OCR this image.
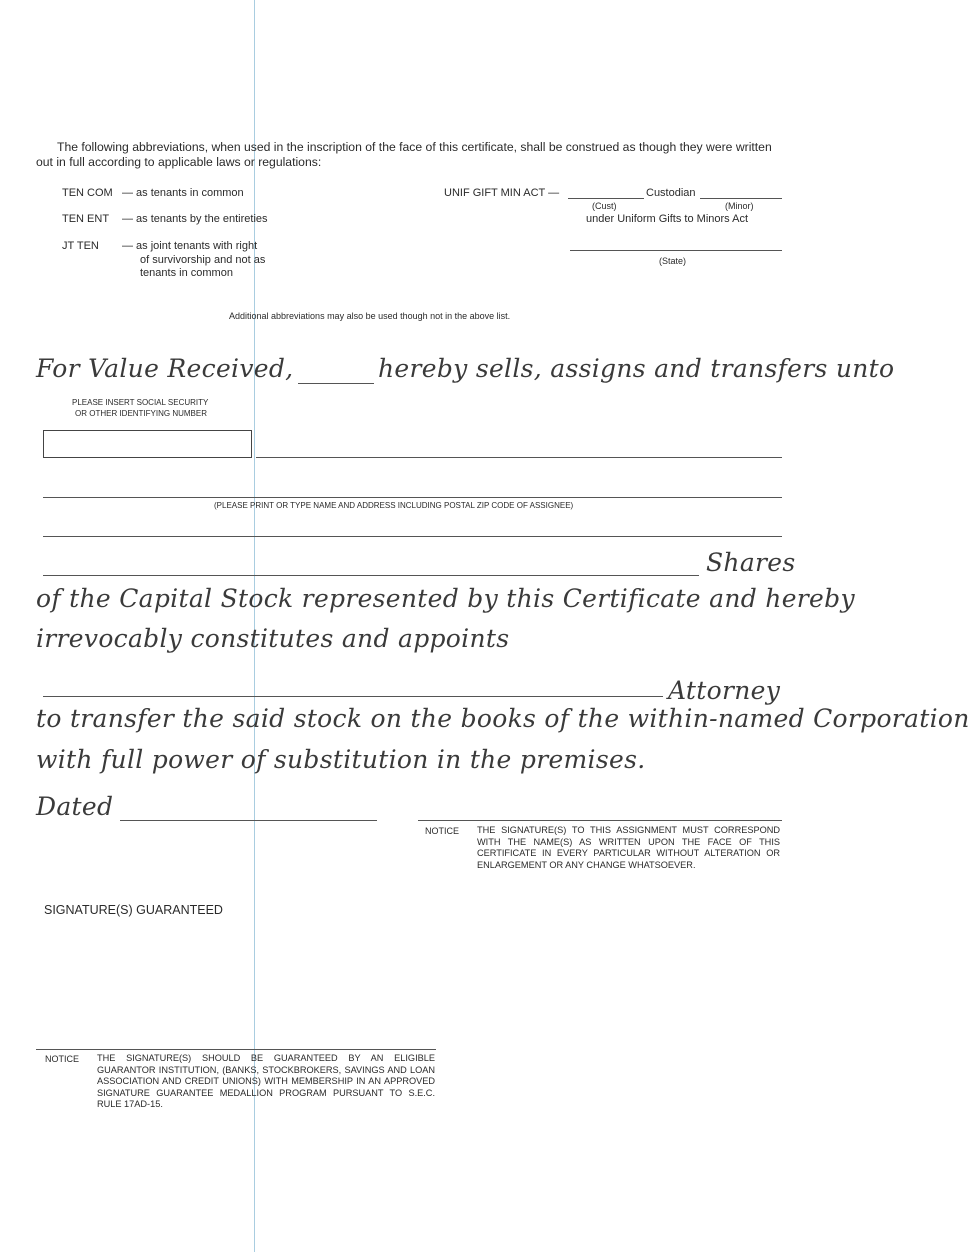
The following abbreviations, when used in the inscription of the face of this certificate, shall be construed as though they were written out in full according to applicable laws or regulations:
TEN COM — as tenants in common
TEN ENT — as tenants by the entireties
JT TEN — as joint tenants with right
of survivorship and not as
tenants in common
UNIF GIFT MIN ACT —	Custodian
(Cust)	(Minor)
under Uniform Gifts to Minors Act
(State)
Additional abbreviations may also be used though not in the above list.
For Value Received,	hereby sells, assigns and transfers unto
PLEASE INSERT SOCIAL SECURITY
OR OTHER IDENTIFYING NUMBER
(PLEASE PRINT OR TYPE NAME AND ADDRESS INCLUDING POSTAL ZIP CODE OF ASSIGNEE)
Shares
of the Capital Stock represented by this Certificate and hereby
irrevocably constitutes and appoints
Attorney
to transfer the said stock on the books of the within-named Corporation
with full power of substitution in the premises.
Dated
NOTICE THE SIGNATURE(S) TO THIS ASSIGNMENT MUST CORRESPOND WITH THE NAME(S) AS WRITTEN UPON THE FACE OF THIS CERTIFICATE IN EVERY PARTICULAR WITHOUT ALTERATION OR ENLARGEMENT OR ANY CHANGE WHATSOEVER.
SIGNATURE(S) GUARANTEED
NOTICE THE SIGNATURE(S) SHOULD BE GUARANTEED BY AN ELIGIBLE GUARANTOR INSTITUTION, (BANKS, STOCKBROKERS, SAVINGS AND LOAN ASSOCIATION AND CREDIT UNIONS) WITH MEMBERSHIP IN AN APPROVED SIGNATURE GUARANTEE MEDALLION PROGRAM PURSUANT TO S.E.C. RULE 17AD-15.
